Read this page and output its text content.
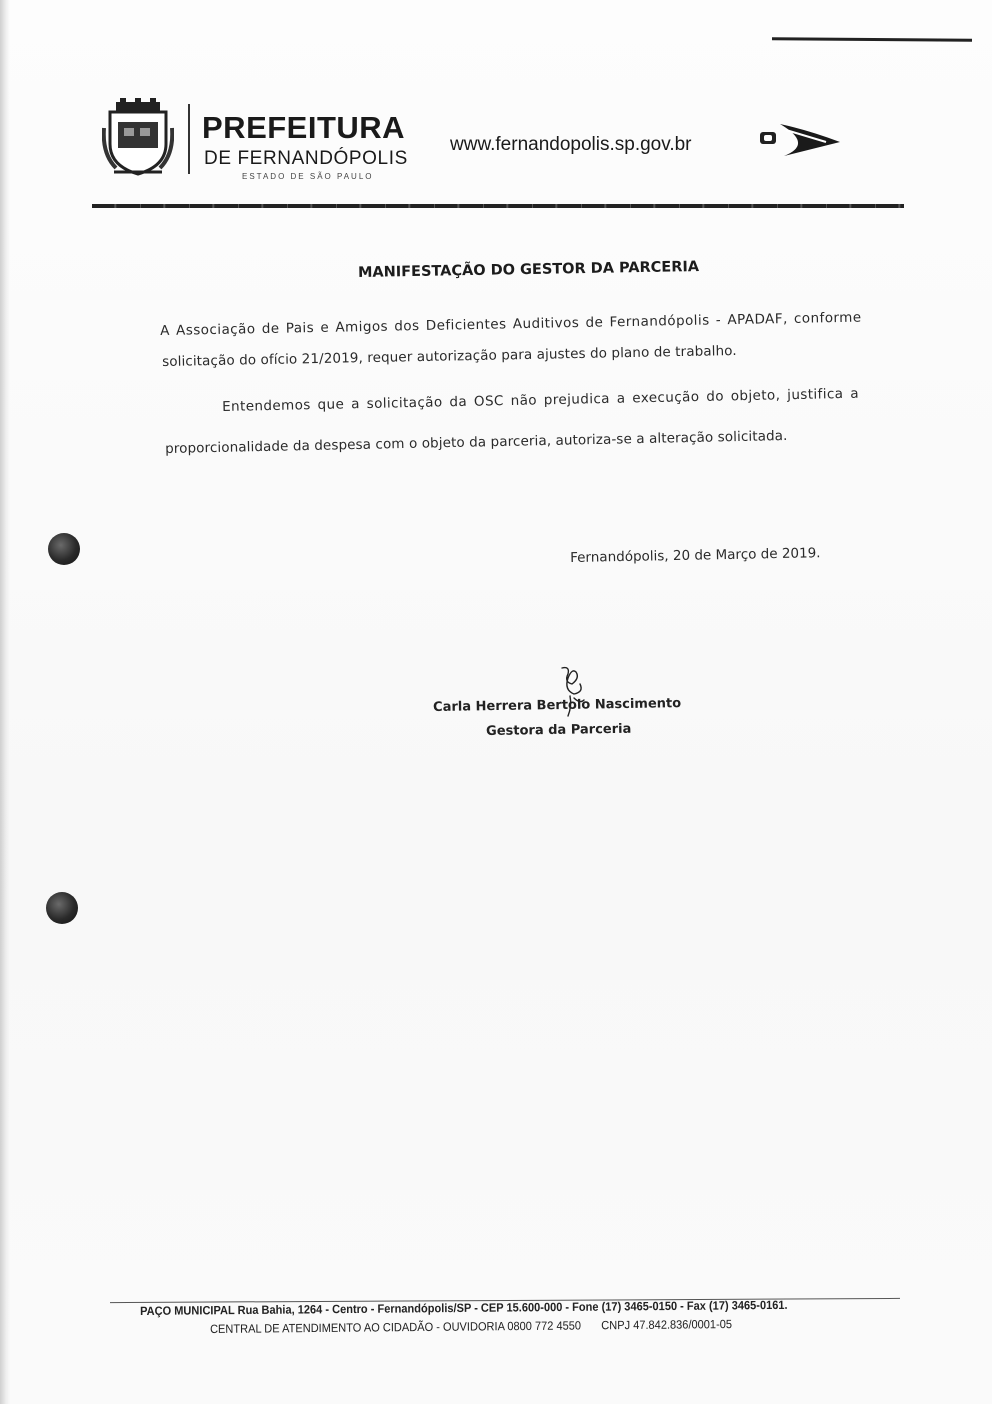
PREFEITURA
DE FERNANDÓPOLIS
ESTADO DE SÃO PAULO
www.fernandopolis.sp.gov.br
MANIFESTAÇÃO DO GESTOR DA PARCERIA
A Associação de Pais e Amigos dos Deficientes Auditivos de Fernandópolis - APADAF, conforme
solicitação do ofício 21/2019, requer autorização para ajustes do plano de trabalho.
Entendemos que a solicitação da OSC não prejudica a execução do objeto, justifica a
proporcionalidade da despesa com o objeto da parceria, autoriza-se a alteração solicitada.
Fernandópolis, 20 de Março de 2019.
Carla Herrera Bertolo Nascimento
Gestora da Parceria
PAÇO MUNICIPAL Rua Bahia, 1264 - Centro - Fernandópolis/SP - CEP 15.600-000 - Fone (17) 3465-0150 - Fax (17) 3465-0161.
CENTRAL DE ATENDIMENTO AO CIDADÃO - OUVIDORIA 0800 772 4550 CNPJ 47.842.836/0001-05
